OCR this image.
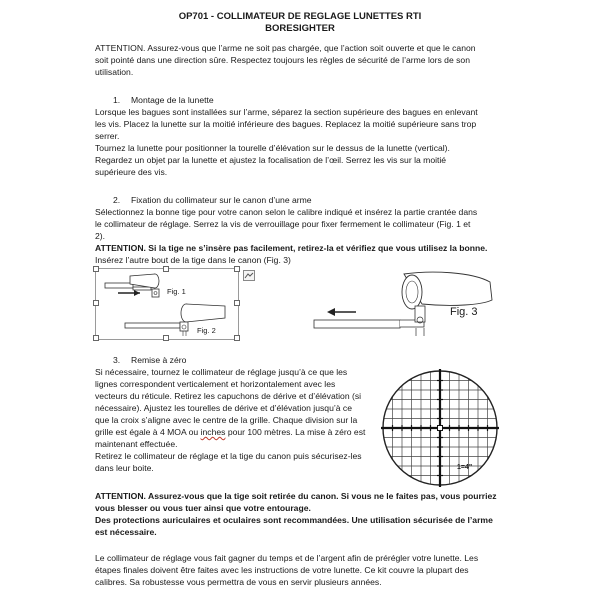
OP701 - COLLIMATEUR DE REGLAGE LUNETTES RTI
BORESIGHTER

ATTENTION. Assurez-vous que l’arme ne soit pas chargée, que l’action soit ouverte et que le canon

soit pointé dans une direction sûre. Respectez toujours les règles de sécurité de l’arme lors de son

utilisation.

1. Montage de la lunette

Lorsque les bagues sont installées sur l’arme, séparez la section supérieure des bagues en enlevant

les vis. Placez la lunette sur la moitié inférieure des bagues. Replacez la moitié supérieure sans trop

serrer.

Tournez la lunette pour positionner la tourelle d’élévation sur le dessus de la lunette (vertical).

Regardez un objet par la lunette et ajustez la focalisation de l’œil. Serrez les vis sur la moitié

supérieure des vis.

2. Fixation du collimateur sur le canon d’une arme

Sélectionnez la bonne tige pour votre canon selon le calibre indiqué et insérez la partie crantée dans

le collimateur de réglage. Serrez la vis de verrouillage pour fixer fermement le collimateur (Fig. 1 et

2).

ATTENTION. Si la tige ne s’insère pas facilement, retirez-la et vérifiez que vous utilisez la bonne.

Insérez l’autre bout de la tige dans le canon (Fig. 3)

Fig. 1
Fig. 2
Fig. 3
3. Remise à zéro

Si nécessaire, tournez le collimateur de réglage jusqu’à ce que les

lignes correspondent verticalement et horizontalement avec les

vecteurs du réticule. Retirez les capuchons de dérive et d’élévation (si

nécessaire). Ajustez les tourelles de dérive et d’élévation jusqu’à ce

que la croix s’aligne avec le centre de la grille. Chaque division sur la

grille est égale à 4 MOA ou inches pour 100 mètres. La mise à zéro est

maintenant effectuée.

Retirez le collimateur de réglage et la tige du canon puis sécurisez-les

dans leur boite.	1=4"

ATTENTION. Assurez-vous que la tige soit retirée du canon. Si vous ne le faites pas, vous pourriez

vous blesser ou vous tuer ainsi que votre entourage.

Des protections auriculaires et oculaires sont recommandées. Une utilisation sécurisée de l’arme

est nécessaire.

Le collimateur de réglage vous fait gagner du temps et de l’argent afin de prérégler votre lunette. Les

étapes finales doivent être faites avec les instructions de votre lunette. Ce kit couvre la plupart des

calibres. Sa robustesse vous permettra de vous en servir plusieurs années.
